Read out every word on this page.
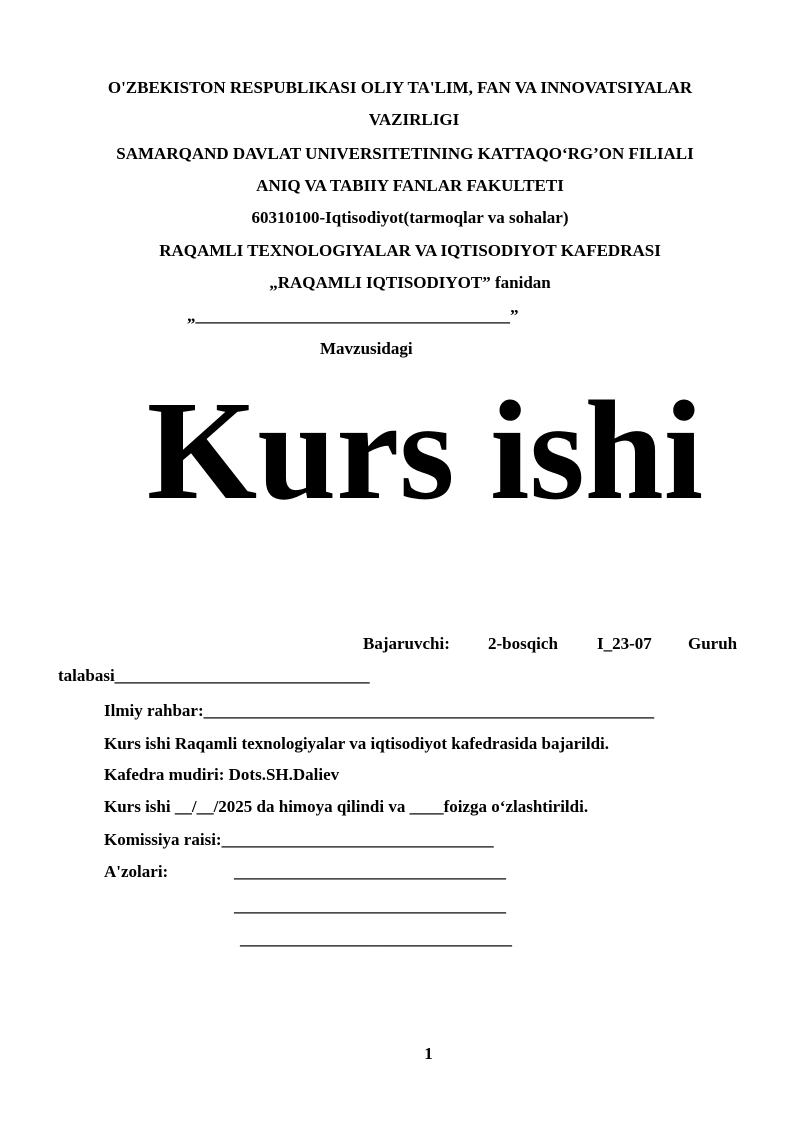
O'ZBEKISTON RESPUBLIKASI OLIY TA'LIM, FAN VA INNOVATSIYALAR
VAZIRLIGI
SAMARQAND DAVLAT UNIVERSITETINING KATTAQO‘RG’ON FILIALI
ANIQ VA TABIIY FANLAR FAKULTETI
60310100-Iqtisodiyot(tarmoqlar va sohalar)
RAQAMLI TEXNOLOGIYALAR VA IQTISODIYOT KAFEDRASI
„RAQAMLI IQTISODIYOT” fanidan
„_____________________________________”
Mavzusidagi
Kurs ishi
Bajaruvchi: 2-bosqich I_23-07 Guruh
talabasi______________________________
Ilmiy rahbar:_____________________________________________________
Kurs ishi Raqamli texnologiyalar va iqtisodiyot kafedrasida bajarildi.
Kafedra mudiri: Dots.SH.Daliev
Kurs ishi __/__/2025 da himoya qilindi va ____foizga o‘zlashtirildi.
Komissiya raisi:________________________________
A'zolari:	________________________________
________________________________
________________________________
1
